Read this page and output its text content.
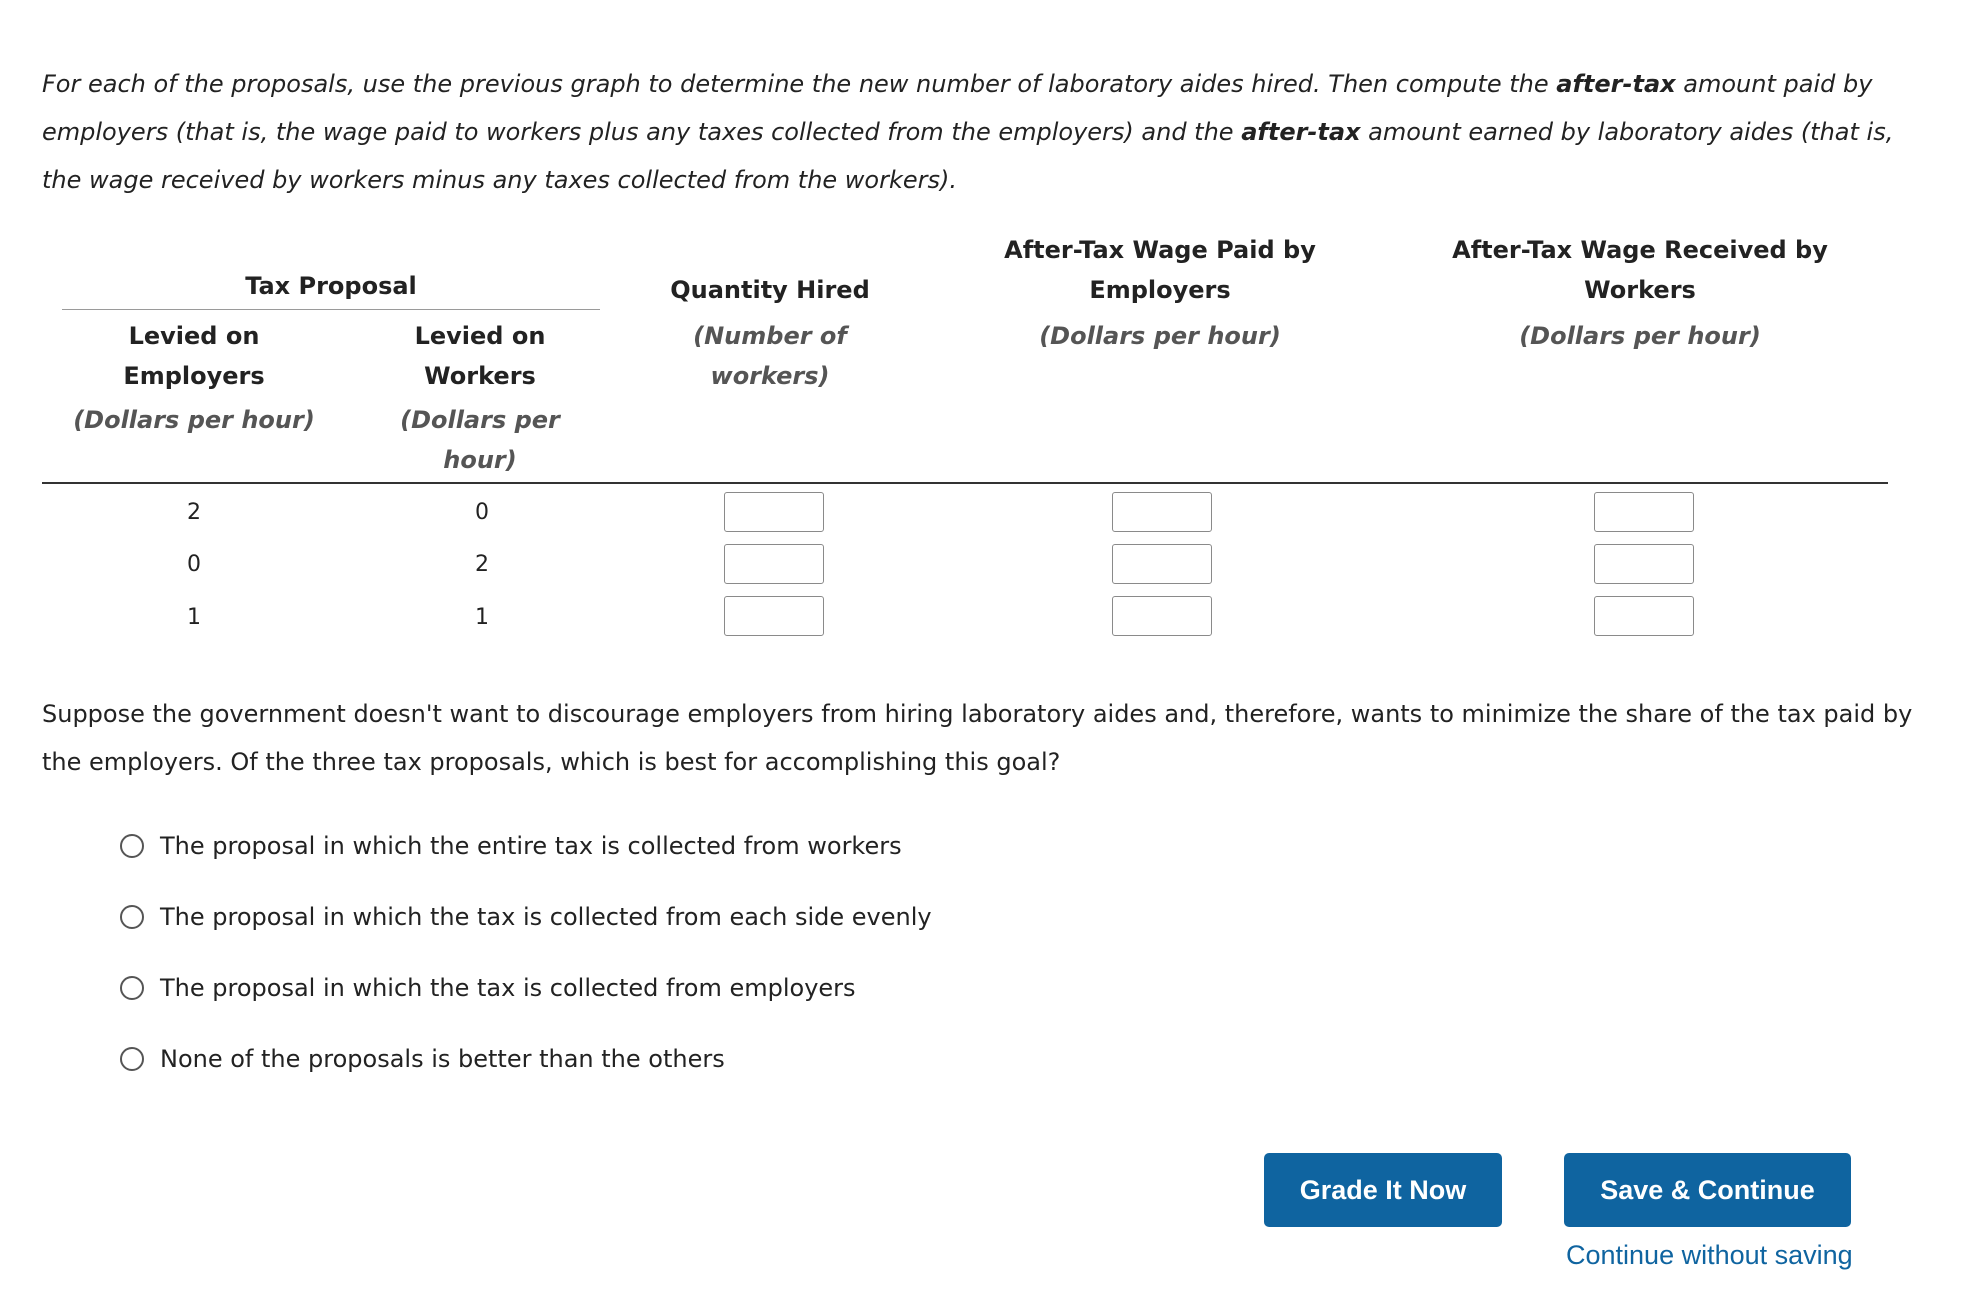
For each of the proposals, use the previous graph to determine the new number of laboratory aides hired. Then compute the after-tax amount paid by employers (that is, the wage paid to workers plus any taxes collected from the employers) and the after-tax amount earned by laboratory aides (that is, the wage received by workers minus any taxes collected from the workers).

Tax Proposal
Levied on
Employers
(Dollars per hour)
Levied on
Workers
(Dollars per
hour)
Quantity Hired
(Number of
workers)
After-Tax Wage Paid by
Employers
(Dollars per hour)
After-Tax Wage Received by
Workers
(Dollars per hour)
2	0
0	2
1	1

Suppose the government doesn't want to discourage employers from hiring laboratory aides and, therefore, wants to minimize the share of the tax paid by the employers. Of the three tax proposals, which is best for accomplishing this goal?

The proposal in which the entire tax is collected from workers
The proposal in which the tax is collected from each side evenly
The proposal in which the tax is collected from employers
None of the proposals is better than the others
Grade It Now	Save & Continue
Continue without saving
